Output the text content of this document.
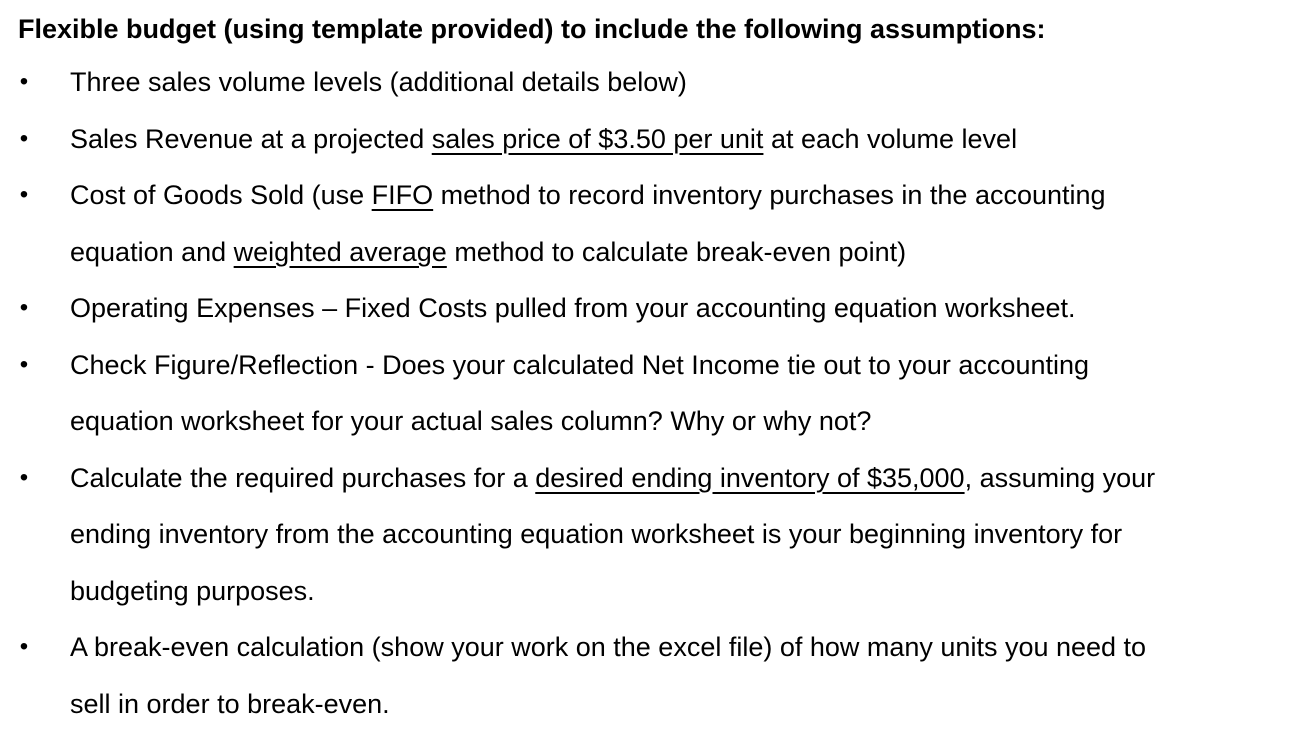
Flexible budget (using template provided) to include the following assumptions:
• Three sales volume levels (additional details below)
• Sales Revenue at a projected sales price of $3.50 per unit at each volume level
• Cost of Goods Sold (use FIFO method to record inventory purchases in the accounting
equation and weighted average method to calculate break-even point)
• Operating Expenses – Fixed Costs pulled from your accounting equation worksheet.
• Check Figure/Reflection - Does your calculated Net Income tie out to your accounting
equation worksheet for your actual sales column? Why or why not?
• Calculate the required purchases for a desired ending inventory of $35,000, assuming your
ending inventory from the accounting equation worksheet is your beginning inventory for
budgeting purposes.
• A break-even calculation (show your work on the excel file) of how many units you need to
sell in order to break-even.
